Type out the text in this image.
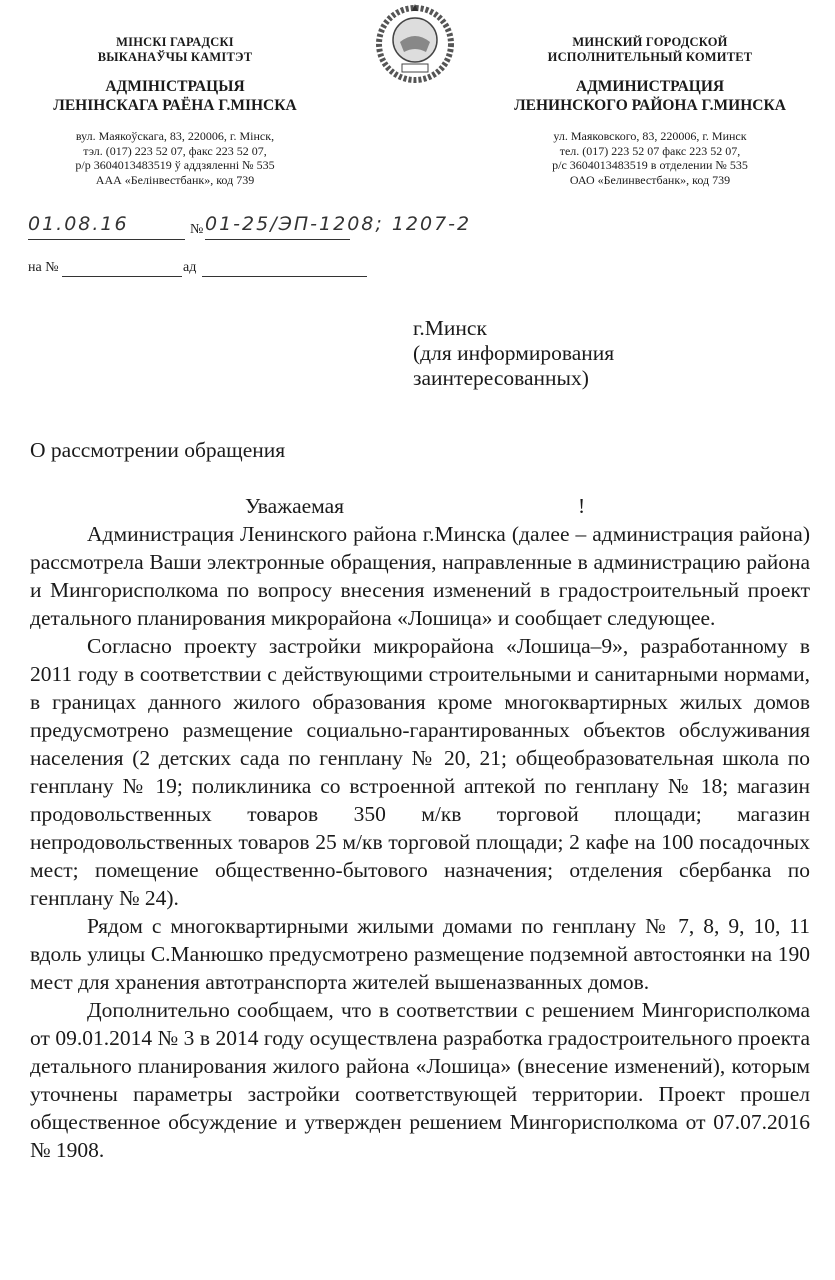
МІНСКІ ГАРАДСКІ
ВЫКАНАЎЧЫ КАМІТЭТ
АДМІНІСТРАЦЫЯ
ЛЕНІНСКАГА РАЁНА Г.МІНСКА
вул. Маякоўскага, 83, 220006, г. Мінск,
тэл. (017) 223 52 07, факс 223 52 07,
р/р 3604013483519 ў аддзяленні № 535
ААА «Белінвестбанк», код 739
МИНСКИЙ ГОРОДСКОЙ
ИСПОЛНИТЕЛЬНЫЙ КОМИТЕТ
АДМИНИСТРАЦИЯ
ЛЕНИНСКОГО РАЙОНА Г.МИНСКА
ул. Маяковского, 83, 220006, г. Минск
тел. (017) 223 52 07 факс 223 52 07,
р/с 3604013483519 в отделении № 535
ОАО «Белинвестбанк», код 739
01.08.16	№ 01-25/ЭП-1208; 1207-2
на №	ад
г.Минск
(для информирования
заинтересованных)
О рассмотрении обращения
Уважаемая	!

Администрация Ленинского района г.Минска (далее – администрация района) рассмотрела Ваши электронные обращения, направленные в администрацию района и Мингорисполкома по вопросу внесения изменений в градостроительный проект детального планирования микрорайона «Лошица» и сообщает следующее.

Согласно проекту застройки микрорайона «Лошица–9», разработанному в 2011 году в соответствии с действующими строительными и санитарными нормами, в границах данного жилого образования кроме многоквартирных жилых домов предусмотрено размещение социально-гарантированных объектов обслуживания населения (2 детских сада по генплану № 20, 21; общеобразовательная школа по генплану № 19; поликлиника со встроенной аптекой по генплану № 18; магазин продовольственных товаров 350 м/кв торговой площади; магазин непродовольственных товаров 25 м/кв торговой площади; 2 кафе на 100 посадочных мест; помещение общественно-бытового назначения; отделения сбербанка по генплану № 24).

Рядом с многоквартирными жилыми домами по генплану № 7, 8, 9, 10, 11 вдоль улицы С.Манюшко предусмотрено размещение подземной автостоянки на 190 мест для хранения автотранспорта жителей вышеназванных домов.

Дополнительно сообщаем, что в соответствии с решением Мингорисполкома от 09.01.2014 № 3 в 2014 году осуществлена разработка градостроительного проекта детального планирования жилого района «Лошица» (внесение изменений), которым уточнены параметры застройки соответствующей территории. Проект прошел общественное обсуждение и утвержден решением Мингорисполкома от 07.07.2016 № 1908.
